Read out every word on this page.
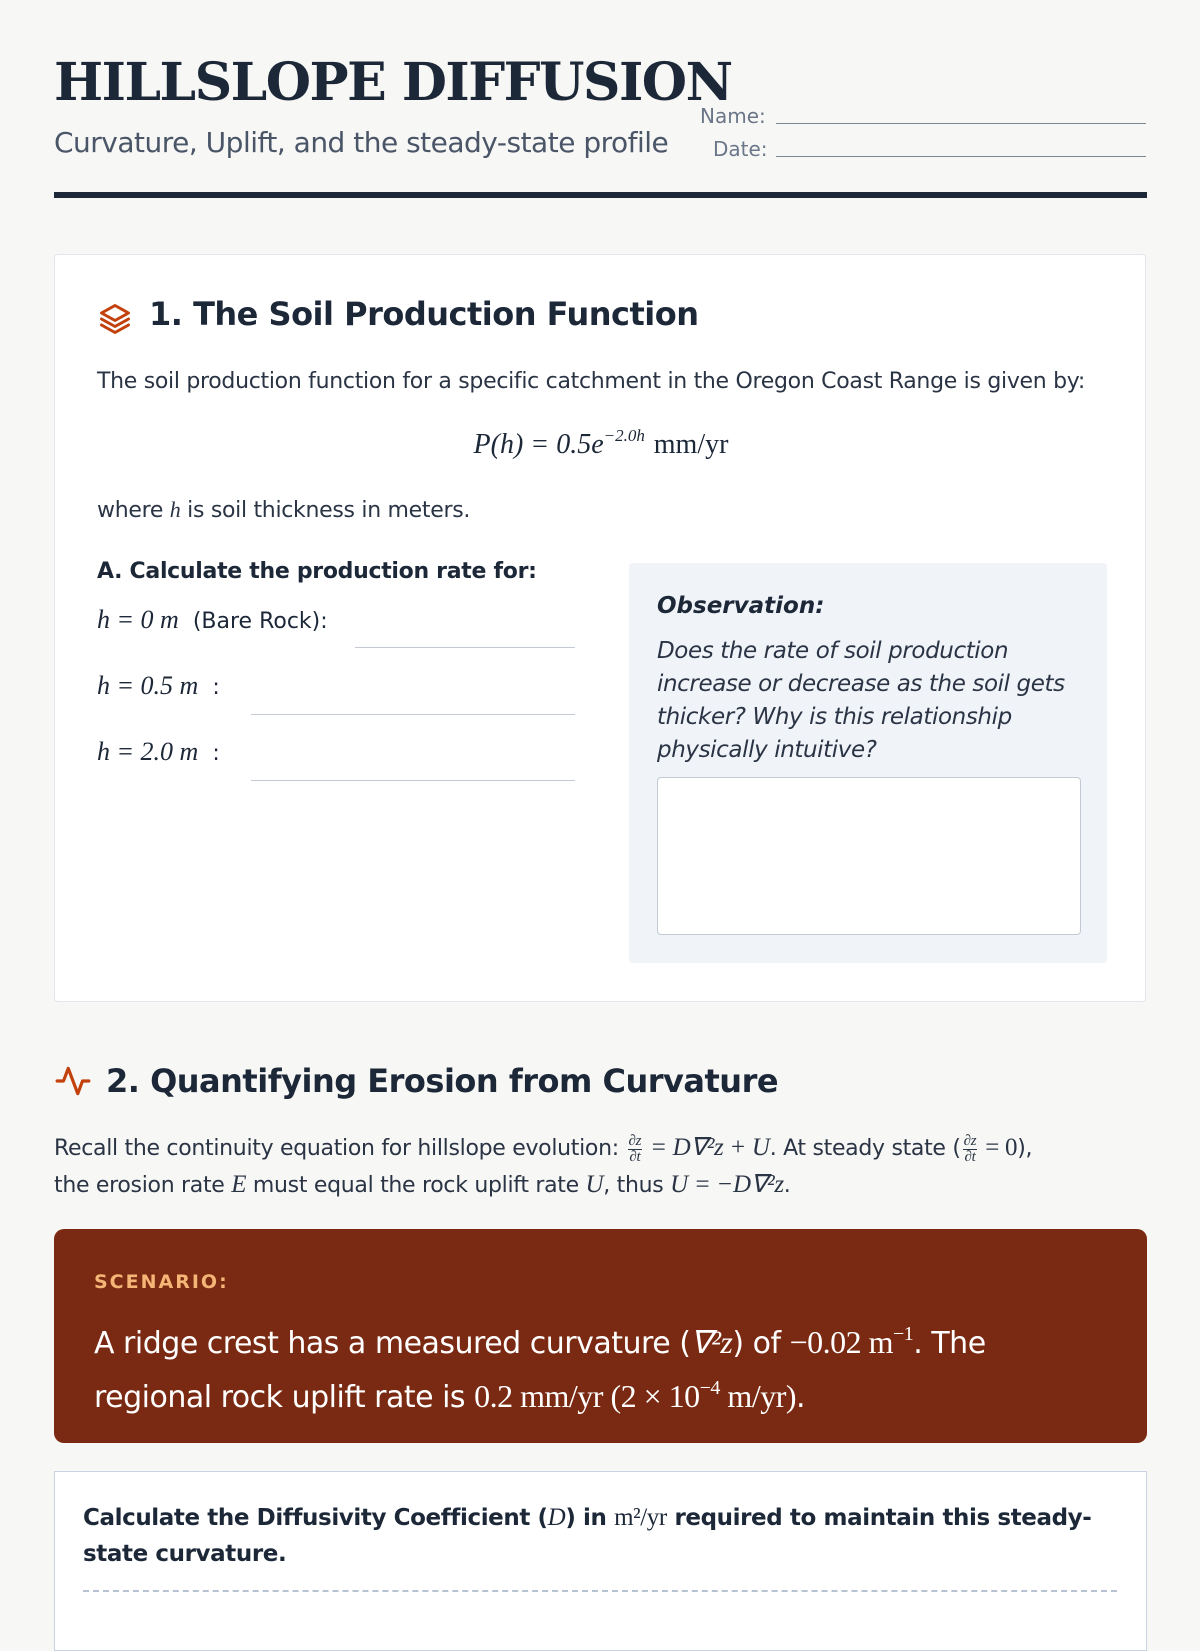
HILLSLOPE DIFFUSION
Curvature, Uplift, and the steady-state profile
Name:
Date:
1. The Soil Production Function
The soil production function for a specific catchment in the Oregon Coast Range is given by:
$P(h) = 0.5e^{-2.0h}$ mm/yr
where h is soil thickness in meters.
A. Calculate the production rate for:
h = 0 m (Bare Rock):
h = 0.5 m :
h = 2.0 m :
Observation:
Does the rate of soil production increase or decrease as the soil gets thicker? Why is this relationship physically intuitive?
2. Quantifying Erosion from Curvature
Recall the continuity equation for hillslope evolution: $\frac{\partial z}{\partial t} = D\nabla^2z + U$. At steady state ( $\frac{\partial z}{\partial t} = 0$),
the erosion rate E must equal the rock uplift rate U, thus U = −D∇²z.
SCENARIO:
A ridge crest has a measured curvature (∇²z) of −0.02 $m^{-1}$. The regional rock uplift rate is 0.2 mm/yr ($2 \times 10^{-4}$ m/yr).
Calculate the Diffusivity Coefficient (D) in m²/yr required to maintain this steady-state curvature.
